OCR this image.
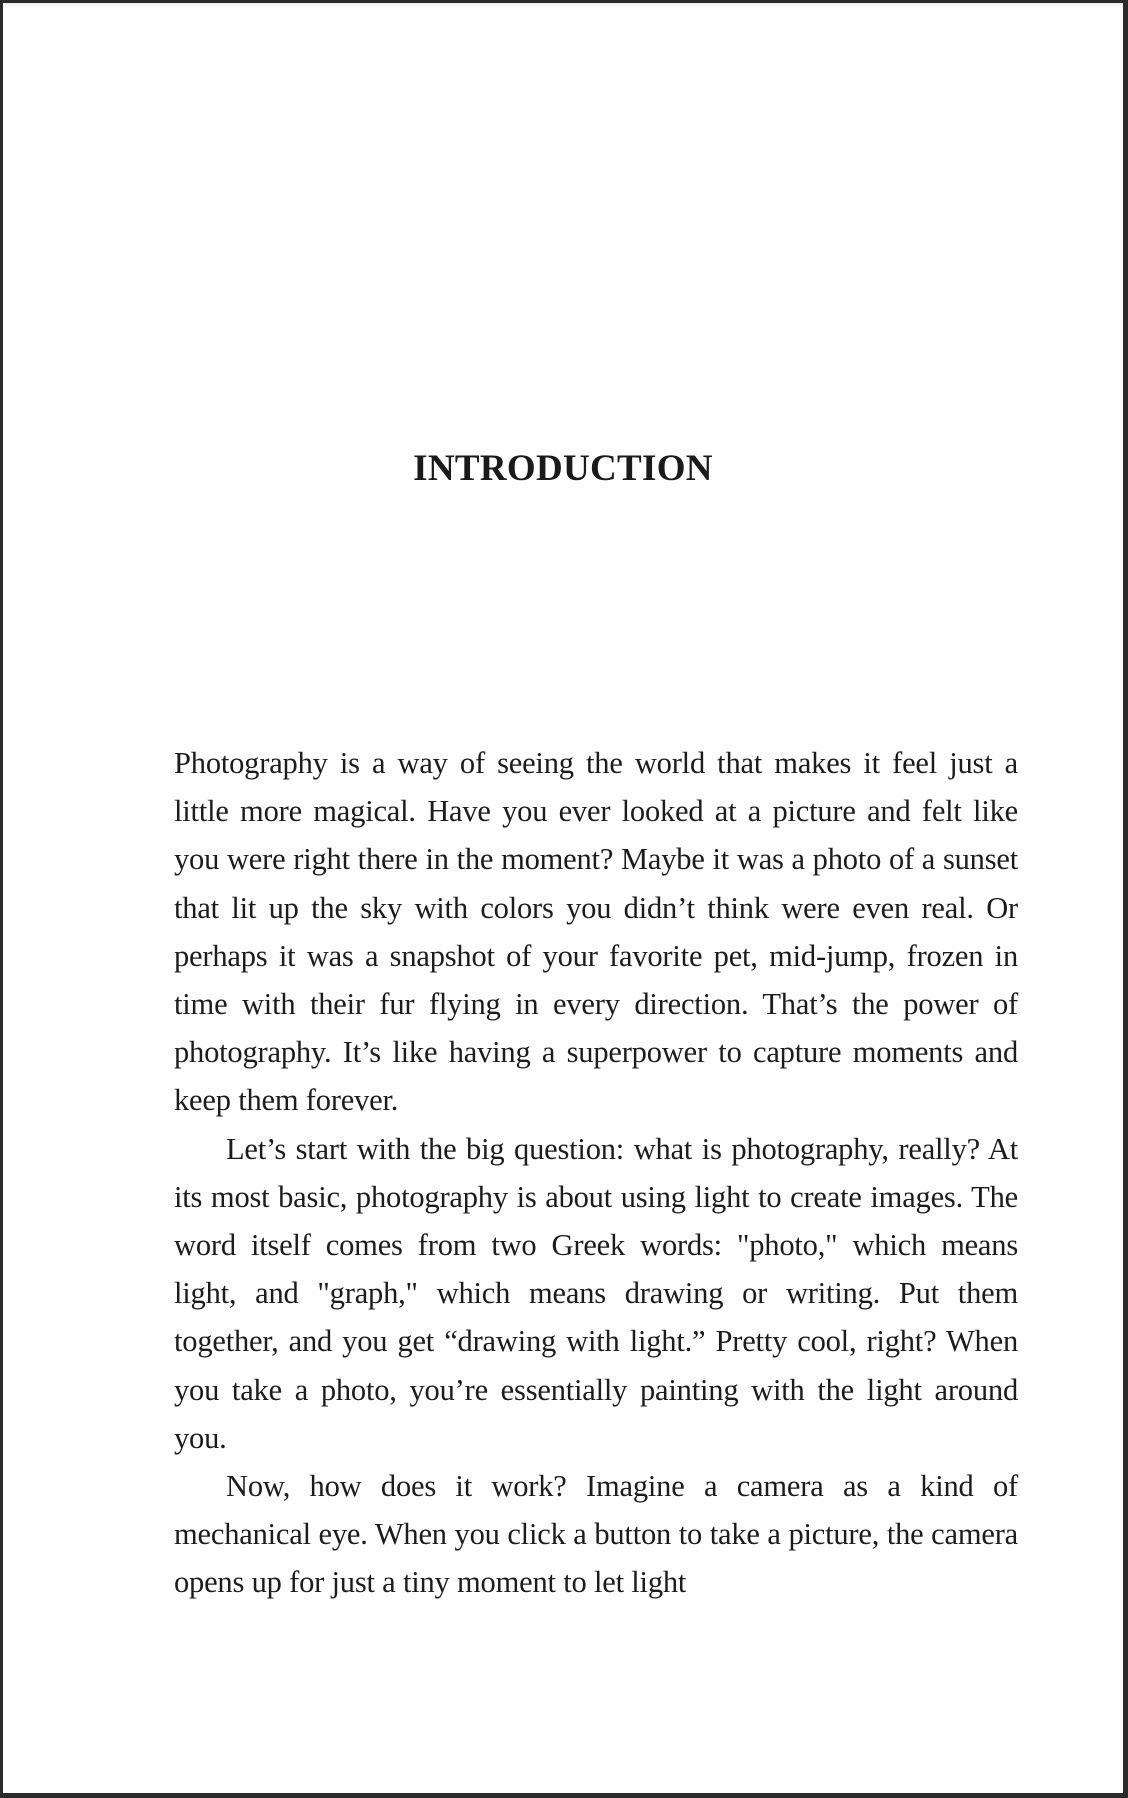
INTRODUCTION

Photography is a way of seeing the world that makes it feel just a little more magical. Have you ever looked at a picture and felt like you were right there in the moment? Maybe it was a photo of a sunset that lit up the sky with colors you didn’t think were even real. Or perhaps it was a snapshot of your favorite pet, mid-jump, frozen in time with their fur flying in every direction. That’s the power of photography. It’s like having a superpower to capture moments and keep them forever.

Let’s start with the big question: what is photography, really? At its most basic, photography is about using light to create images. The word itself comes from two Greek words: "photo," which means light, and "graph," which means drawing or writing. Put them together, and you get “drawing with light.” Pretty cool, right? When you take a photo, you’re essentially painting with the light around you.

Now, how does it work? Imagine a camera as a kind of mechanical eye. When you click a button to take a picture, the camera opens up for just a tiny moment to let light
